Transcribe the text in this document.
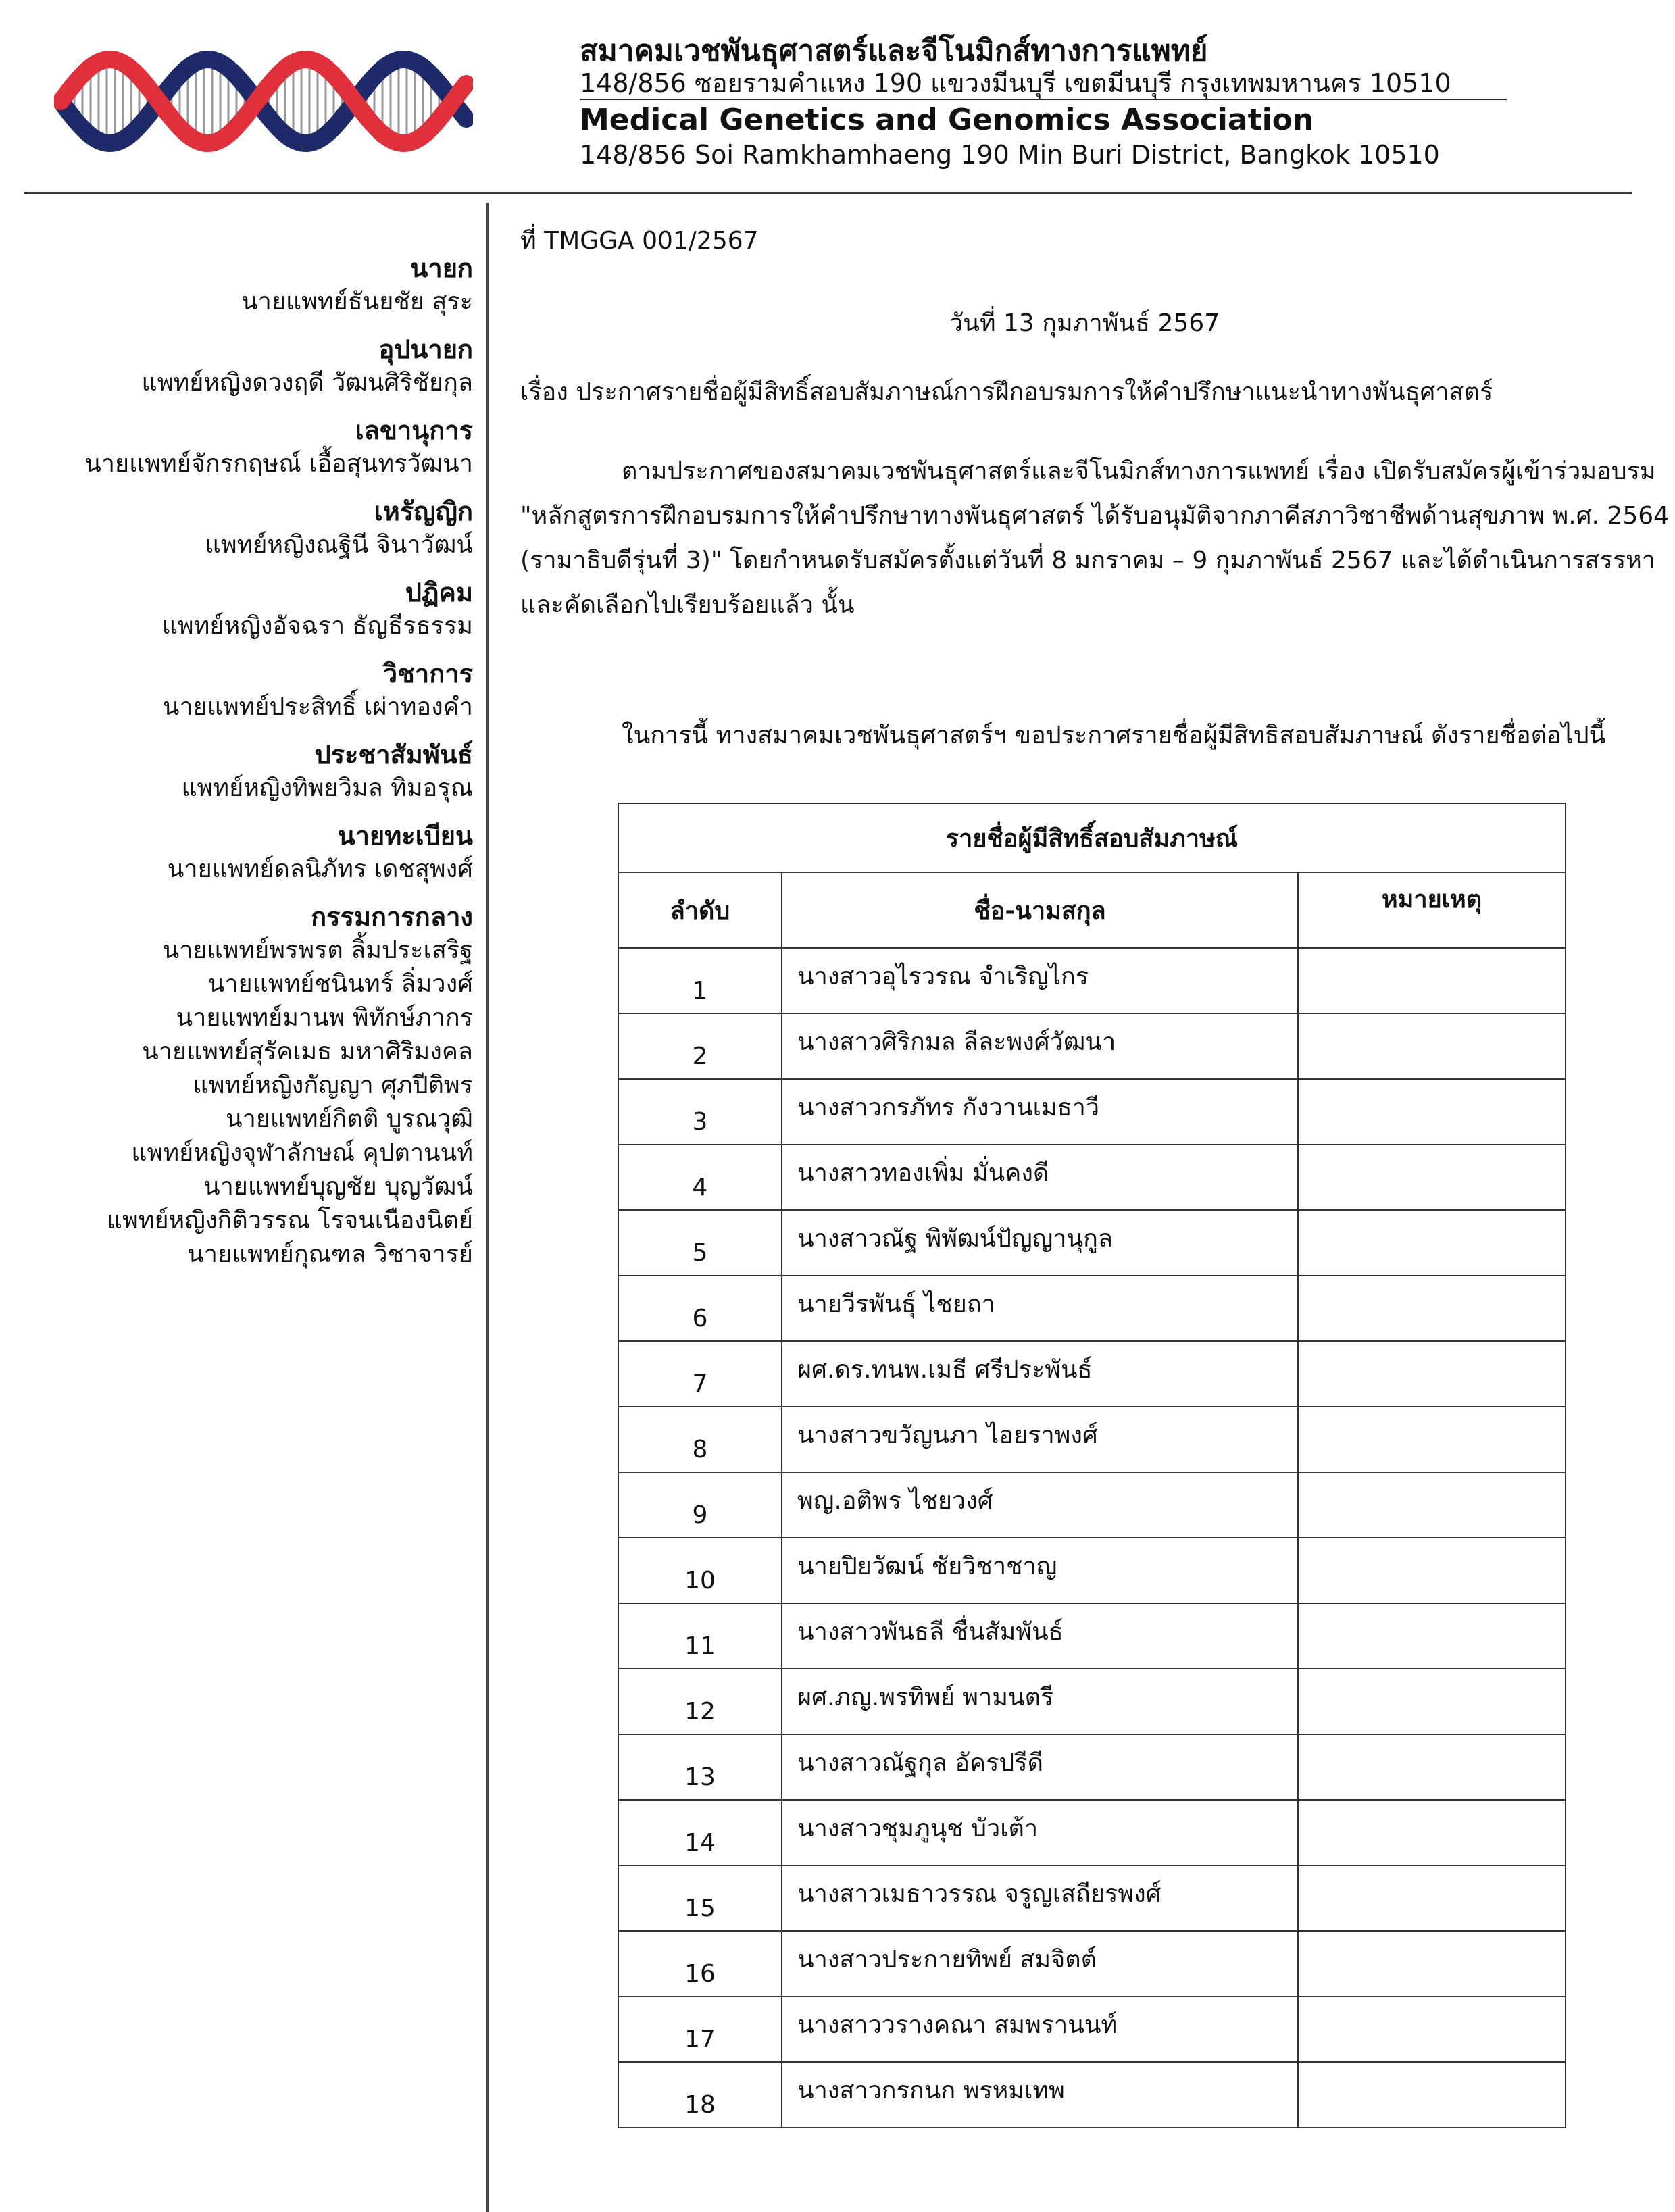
สมาคมเวชพันธุศาสตร์และจีโนมิกส์ทางการแพทย์
148/856 ซอยรามคำแหง 190 แขวงมีนบุรี เขตมีนบุรี กรุงเทพมหานคร 10510
Medical Genetics and Genomics Association
148/856 Soi Ramkhamhaeng 190 Min Buri District, Bangkok 10510
นายก
นายแพทย์ธันยชัย สุระ
อุปนายก
แพทย์หญิงดวงฤดี วัฒนศิริชัยกุล
เลขานุการ
นายแพทย์จักรกฤษณ์ เอื้อสุนทรวัฒนา
เหรัญญิก
แพทย์หญิงณฐินี จินาวัฒน์
ปฏิคม
แพทย์หญิงอัจฉรา ธัญธีรธรรม
วิชาการ
นายแพทย์ประสิทธิ์ เผ่าทองคำ
ประชาสัมพันธ์
แพทย์หญิงทิพยวิมล ทิมอรุณ
นายทะเบียน
นายแพทย์ดลนิภัทร เดชสุพงศ์
กรรมการกลาง
นายแพทย์พรพรต ลิ้มประเสริฐ
นายแพทย์ชนินทร์ ลิ่มวงศ์
นายแพทย์มานพ พิทักษ์ภากร
นายแพทย์สุรัคเมธ มหาศิริมงคล
แพทย์หญิงกัญญา ศุภปีติพร
นายแพทย์กิตติ บูรณวุฒิ
แพทย์หญิงจุฬาลักษณ์ คุปตานนท์
นายแพทย์บุญชัย บุญวัฒน์
แพทย์หญิงกิติวรรณ โรจนเนืองนิตย์
นายแพทย์กุณฑล วิชาจารย์
ที่ TMGGA 001/2567
วันที่ 13 กุมภาพันธ์ 2567
เรื่อง ประกาศรายชื่อผู้มีสิทธิ์สอบสัมภาษณ์การฝึกอบรมการให้คำปรึกษาแนะนำทางพันธุศาสตร์
ตามประกาศของสมาคมเวชพันธุศาสตร์และจีโนมิกส์ทางการแพทย์ เรื่อง เปิดรับสมัครผู้เข้าร่วมอบรม
"หลักสูตรการฝึกอบรมการให้คำปรึกษาทางพันธุศาสตร์ ได้รับอนุมัติจากภาคีสภาวิชาชีพด้านสุขภาพ พ.ศ. 2564
(รามาธิบดีรุ่นที่ 3)" โดยกำหนดรับสมัครตั้งแต่วันที่ 8 มกราคม – 9 กุมภาพันธ์ 2567 และได้ดำเนินการสรรหา
และคัดเลือกไปเรียบร้อยแล้ว นั้น
ในการนี้ ทางสมาคมเวชพันธุศาสตร์ฯ ขอประกาศรายชื่อผู้มีสิทธิสอบสัมภาษณ์ ดังรายชื่อต่อไปนี้
รายชื่อผู้มีสิทธิ์สอบสัมภาษณ์		
ลำดับ	ชื่อ-นามสกุล	หมายเหตุ
1	นางสาวอุไรวรณ จำเริญไกร	
2	นางสาวศิริกมล ลีละพงศ์วัฒนา	
3	นางสาวกรภัทร กังวานเมธาวี	
4	นางสาวทองเพิ่ม มั่นคงดี	
5	นางสาวณัฐ พิพัฒน์ปัญญานุกูล	
6	นายวีรพันธุ์ ไชยถา	
7	ผศ.ดร.ทนพ.เมธี ศรีประพันธ์	
8	นางสาวขวัญนภา ไอยราพงศ์	
9	พญ.อติพร ไชยวงศ์	
10	นายปิยวัฒน์ ชัยวิชาชาญ	
11	นางสาวพันธลี ชื่นสัมพันธ์	
12	ผศ.ภญ.พรทิพย์ พามนตรี	
13	นางสาวณัฐกุล อัครปรีดี	
14	นางสาวชุมภูนุช บัวเต้า	
15	นางสาวเมธาวรรณ จรูญเสถียรพงศ์	
16	นางสาวประกายทิพย์ สมจิตต์	
17	นางสาววรางคณา สมพรานนท์	
18	นางสาวกรกนก พรหมเทพ	
